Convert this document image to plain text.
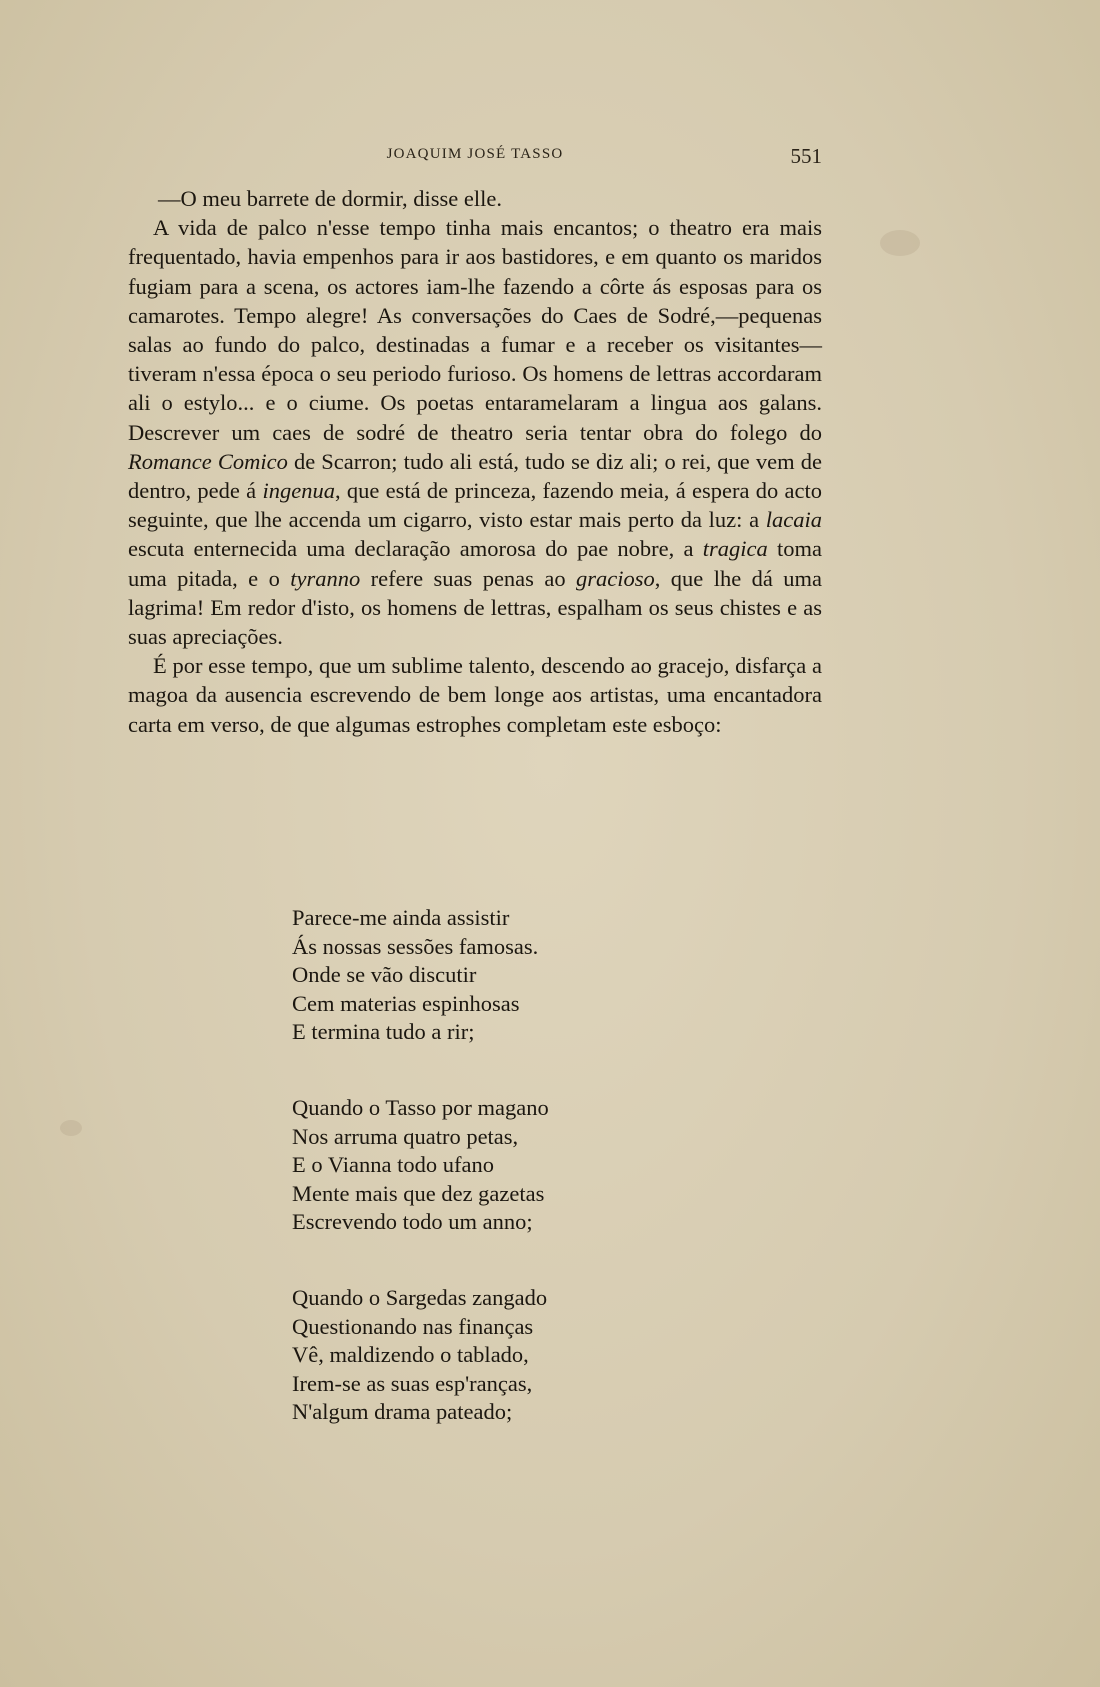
JOAQUIM JOSÉ TASSO	551

—O meu barrete de dormir, disse elle.

A vida de palco n'esse tempo tinha mais encantos; o theatro era mais frequentado, havia empenhos para ir aos bastidores, e em quanto os maridos fugiam para a scena, os actores iam-lhe fazendo a côrte ás esposas para os camarotes. Tempo alegre! As conversações do Caes de Sodré,—pequenas salas ao fundo do palco, destinadas a fumar e a receber os visitantes—tiveram n'essa época o seu periodo furioso. Os homens de lettras accordaram ali o estylo... e o ciume. Os poetas entaramelaram a lingua aos galans. Descrever um caes de sodré de theatro seria tentar obra do folego do Romance Comico de Scarron; tudo ali está, tudo se diz ali; o rei, que vem de dentro, pede á ingenua, que está de princeza, fazendo meia, á espera do acto seguinte, que lhe accenda um cigarro, visto estar mais perto da luz: a lacaia escuta enternecida uma declaração amorosa do pae nobre, a tragica toma uma pitada, e o tyranno refere suas penas ao gracioso, que lhe dá uma lagrima! Em redor d'isto, os homens de lettras, espalham os seus chistes e as suas apreciações.

É por esse tempo, que um sublime talento, descendo ao gracejo, disfarça a magoa da ausencia escrevendo de bem longe aos artistas, uma encantadora carta em verso, de que algumas estrophes completam este esboço:

Parece-me ainda assistir
Ás nossas sessões famosas.
Onde se vão discutir
Cem materias espinhosas
E termina tudo a rir;
Quando o Tasso por magano
Nos arruma quatro petas,
E o Vianna todo ufano
Mente mais que dez gazetas
Escrevendo todo um anno;
Quando o Sargedas zangado
Questionando nas finanças
Vê, maldizendo o tablado,
Irem-se as suas esp'ranças,
N'algum drama pateado;
